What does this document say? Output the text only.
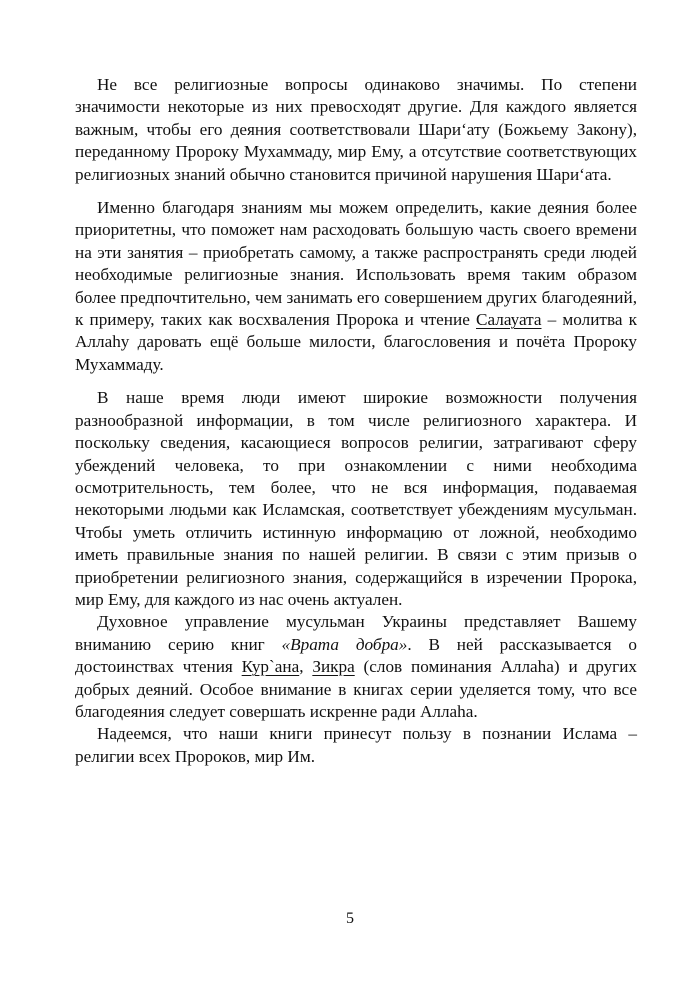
Не все религиозные вопросы одинаково значимы. По степени значимости некоторые из них превосходят другие. Для каждого является важным, чтобы его деяния соответствовали Шари‘ату (Божьему Закону), переданному Пророку Мухаммаду, мир Ему, а отсутствие соответствующих религиозных знаний обычно становится причиной нарушения Шари‘ата.

Именно благодаря знаниям мы можем определить, какие деяния более приоритетны, что поможет нам расходовать большую часть своего времени на эти занятия – приобретать самому, а также распространять среди людей необходимые религиозные знания. Использовать время таким образом более предпочтительно, чем занимать его совершением других благодеяний, к примеру, таких как восхваления Пророка и чтение Салауата – молитва к Аллаhу даровать ещё больше милости, благословения и почёта Пророку Мухаммаду.

В наше время люди имеют широкие возможности получения разнообразной информации, в том числе религиозного характера. И поскольку сведения, касающиеся вопросов религии, затрагивают сферу убеждений человека, то при ознакомлении с ними необходима осмотрительность, тем более, что не вся информация, подаваемая некоторыми людьми как Исламская, соответствует убеждениям мусульман. Чтобы уметь отличить истинную информацию от ложной, необходимо иметь правильные знания по нашей религии. В связи с этим призыв о приобретении религиозного знания, содержащийся в изречении Пророка, мир Ему, для каждого из нас очень актуален.

Духовное управление мусульман Украины представляет Вашему вниманию серию книг «Врата добра». В ней рассказывается о достоинствах чтения Кур`ана, Зикра (слов поминания Аллаhа) и других добрых деяний. Особое внимание в книгах серии уделяется тому, что все благодеяния следует совершать искренне ради Аллаhа.

Надеемся, что наши книги принесут пользу в познании Ислама – религии всех Пророков, мир Им.

5
